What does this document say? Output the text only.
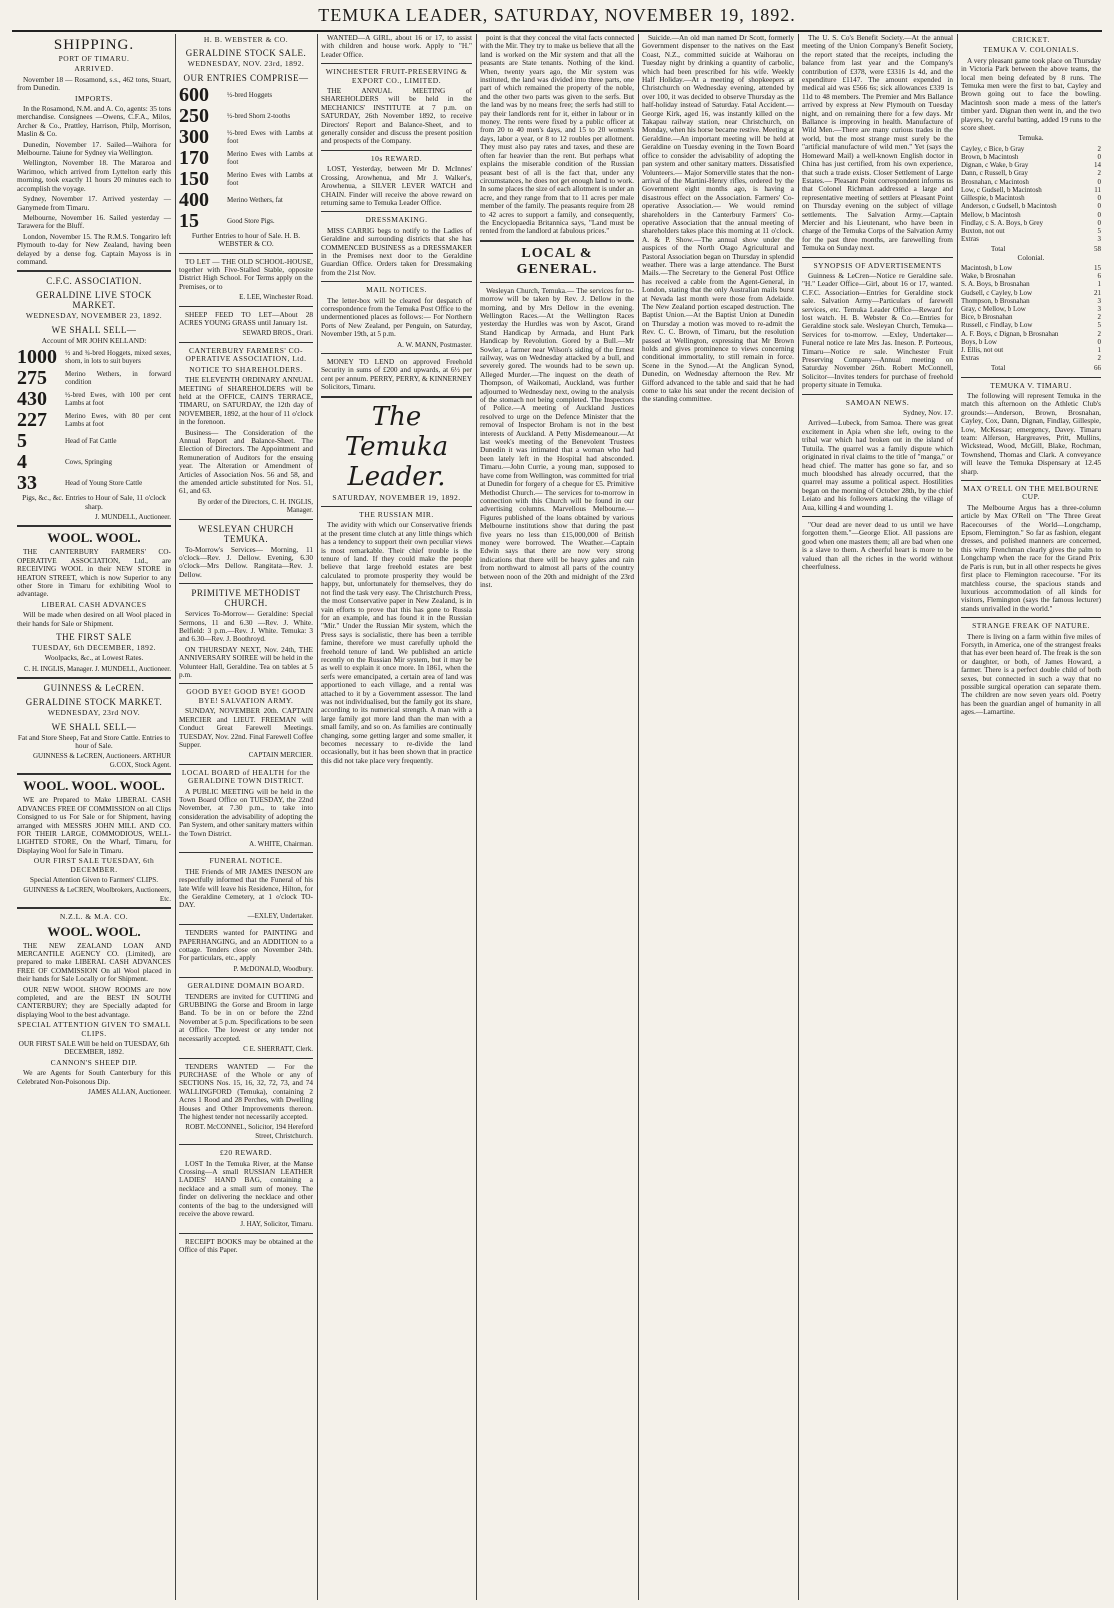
TEMUKA LEADER, SATURDAY, NOVEMBER 19, 1892.
SHIPPING.
PORT OF TIMARU.
ARRIVED.

November 18 — Rosamond, s.s., 462 tons, Stuart, from Dunedin.

IMPORTS.

In the Rosamond, N.M. and A. Co, agents: 35 tons merchandise. Consignees —Owens, C.F.A., Milos, Archer & Co., Prattley, Harrison, Philp, Morrison, Maslin & Co.

Dunedin, November 17. Sailed—Waihora for Melbourne. Taiune for Sydney via Wellington.

Wellington, November 18. The Mararoa and Warimoo, which arrived from Lyttelton early this morning, took exactly 11 hours 20 minutes each to accomplish the voyage.

Sydney, November 17. Arrived yesterday — Ganymede from Timaru.

Melbourne, November 16. Sailed yesterday — Tarawera for the Bluff.

London, November 15. The R.M.S. Tongariro left Plymouth to-day for New Zealand, having been delayed by a dense fog. Captain Mayoss is in command.

C.F.C. ASSOCIATION.
GERALDINE LIVE STOCK MARKET.
WEDNESDAY, NOVEMBER 23, 1892.
WE SHALL SELL—

Account of MR JOHN KELLAND:

1000	½ and ¾-bred Hoggets, mixed sexes, shorn, in lots to suit buyers
275	Merino Wethers, in forward condition
430	½-bred Ewes, with 100 per cent Lambs at foot
227	Merino Ewes, with 80 per cent Lambs at foot
5	Head of Fat Cattle
4	Cows, Springing
33	Head of Young Store Cattle

Pigs, &c., &c. Entries to Hour of Sale, 11 o'clock sharp.

J. MUNDELL, Auctioneer.

WOOL. WOOL.

THE CANTERBURY FARMERS' CO-OPERATIVE ASSOCIATION, Ltd., are RECEIVING WOOL in their NEW STORE in HEATON STREET, which is now Superior to any other Store in Timaru for exhibiting Wool to advantage.

LIBERAL CASH ADVANCES

Will be made when desired on all Wool placed in their hands for Sale or Shipment.

THE FIRST SALE
TUESDAY, 6th DECEMBER, 1892.

Woolpacks, &c., at Lowest Rates.

C. H. INGLIS, Manager. J. MUNDELL, Auctioneer.

GUINNESS & LeCREN.
GERALDINE STOCK MARKET.
WEDNESDAY, 23rd NOV.
WE SHALL SELL—

Fat and Store Sheep, Fat and Store Cattle. Entries to hour of Sale.

GUINNESS & LeCREN, Auctioneers. ARTHUR G.COX, Stock Agent.

WOOL. WOOL. WOOL.

WE are Prepared to Make LIBERAL CASH ADVANCES FREE OF COMMISSION on all Clips Consigned to us For Sale or for Shipment, having arranged with MESSRS JOHN MILL AND CO. FOR THEIR LARGE, COMMODIOUS, WELL-LIGHTED STORE, On the Wharf, Timaru, for Displaying Wool for Sale in Timaru.

OUR FIRST SALE TUESDAY, 6th DECEMBER.

Special Attention Given to Farmers' CLIPS.

GUINNESS & LeCREN, Woolbrokers, Auctioneers, Etc.

N.Z.L. & M.A. CO.
WOOL. WOOL.

THE NEW ZEALAND LOAN AND MERCANTILE AGENCY CO. (Limited), are prepared to make LIBERAL CASH ADVANCES FREE OF COMMISSION On all Wool placed in their hands for Sale Locally or for Shipment.

OUR NEW WOOL SHOW ROOMS are now completed, and are the BEST IN SOUTH CANTERBURY; they are Specially adapted for displaying Wool to the best advantage.

SPECIAL ATTENTION GIVEN TO SMALL CLIPS.

OUR FIRST SALE Will be held on TUESDAY, 6th DECEMBER, 1892.

CANNON'S SHEEP DIP.

We are Agents for South Canterbury for this Celebrated Non-Poisonous Dip.

JAMES ALLAN, Auctioneer.

H. B. WEBSTER & CO.
GERALDINE STOCK SALE.
WEDNESDAY, NOV. 23rd, 1892.
OUR ENTRIES COMPRISE—
600	½-bred Hoggets
250	½-bred Shorn 2-tooths
300	½-bred Ewes with Lambs at foot
170	Merino Ewes with Lambs at foot
150	Merino Ewes with Lambs at foot
400	Merino Wethers, fat
15	Good Store Pigs.

Further Entries to hour of Sale. H. B. WEBSTER & CO.

TO LET — THE OLD SCHOOL-HOUSE, together with Five-Stalled Stable, opposite District High School. For Terms apply on the Premises, or to

E. LEE, Winchester Road.

SHEEP FEED TO LET—About 28 ACRES YOUNG GRASS until January 1st.

SEWARD BROS., Orari.

CANTERBURY FARMERS' CO-OPERATIVE ASSOCIATION, Ltd.
NOTICE TO SHAREHOLDERS.

THE ELEVENTH ORDINARY ANNUAL MEETING of SHAREHOLDERS will be held at the OFFICE, CAIN'S TERRACE, TIMARU, on SATURDAY, the 12th day of NOVEMBER, 1892, at the hour of 11 o'clock in the forenoon.

Business— The Consideration of the Annual Report and Balance-Sheet. The Election of Directors. The Appointment and Remuneration of Auditors for the ensuing year. The Alteration or Amendment of Articles of Association Nos. 56 and 58, and the amended article substituted for Nos. 51, 61, and 63.

By order of the Directors, C. H. INGLIS, Manager.

WESLEYAN CHURCH TEMUKA.

To-Morrow's Services— Morning, 11 o'clock—Rev. J. Dellow. Evening, 6.30 o'clock—Mrs Dellow. Rangitata—Rev. J. Dellow.

PRIMITIVE METHODIST CHURCH.

Services To-Morrow— Geraldine: Special Sermons, 11 and 6.30 —Rev. J. White. Belfield: 3 p.m.—Rev. J. White. Temuka: 3 and 6.30—Rev. J. Boothroyd.

ON THURSDAY NEXT, Nov. 24th, THE ANNIVERSARY SOIREE will be held in the Volunteer Hall, Geraldine. Tea on tables at 5 p.m.

GOOD BYE! GOOD BYE! GOOD BYE! SALVATION ARMY.

SUNDAY, NOVEMBER 20th. CAPTAIN MERCIER and LIEUT. FREEMAN will Conduct Great Farewell Meetings. TUESDAY, Nov. 22nd. Final Farewell Coffee Supper.

CAPTAIN MERCIER.

LOCAL BOARD of HEALTH for the GERALDINE TOWN DISTRICT.

A PUBLIC MEETING will be held in the Town Board Office on TUESDAY, the 22nd November, at 7.30 p.m., to take into consideration the advisability of adopting the Pan System, and other sanitary matters within the Town District.

A. WHITE, Chairman.

FUNERAL NOTICE.

THE Friends of MR JAMES INESON are respectfully informed that the Funeral of his late Wife will leave his Residence, Hilton, for the Geraldine Cemetery, at 1 o'clock TO-DAY.

—EXLEY, Undertaker.

TENDERS wanted for PAINTING and PAPERHANGING, and an ADDITION to a cottage. Tenders close on November 24th. For particulars, etc., apply

P. McDONALD, Woodbury.

GERALDINE DOMAIN BOARD.

TENDERS are invited for CUTTING and GRUBBING the Gorse and Broom in large Band. To be in on or before the 22nd November at 5 p.m. Specifications to be seen at Office. The lowest or any tender not necessarily accepted.

C E. SHERRATT, Clerk.

TENDERS WANTED — For the PURCHASE of the Whole or any of SECTIONS Nos. 15, 16, 32, 72, 73, and 74 WALLINGFORD (Temuka), containing 2 Acres 1 Rood and 28 Perches, with Dwelling Houses and Other Improvements thereon. The highest tender not necessarily accepted.

ROBT. McCONNEL, Solicitor, 194 Hereford Street, Christchurch.

£20 REWARD.

LOST In the Temuka River, at the Manse Crossing—A small RUSSIAN LEATHER LADIES' HAND BAG, containing a necklace and a small sum of money. The finder on delivering the necklace and other contents of the bag to the undersigned will receive the above reward.

J. HAY, Solicitor, Timaru.

RECEIPT BOOKS may be obtained at the Office of this Paper.

WANTED—A GIRL, about 16 or 17, to assist with children and house work. Apply to "H." Leader Office.

WINCHESTER FRUIT-PRESERVING & EXPORT CO., LIMITED.

THE ANNUAL MEETING of SHAREHOLDERS will be held in the MECHANICS' INSTITUTE at 7 p.m. on SATURDAY, 26th November 1892, to receive Directors' Report and Balance-Sheet, and to generally consider and discuss the present position and prospects of the Company.

10s REWARD.

LOST, Yesterday, between Mr D. McInnes' Crossing, Arowhenua, and Mr J. Walker's, Arowhenua, a SILVER LEVER WATCH and CHAIN. Finder will receive the above reward on returning same to Temuka Leader Office.

DRESSMAKING.

MISS CARRIG begs to notify to the Ladies of Geraldine and surrounding districts that she has COMMENCED BUSINESS as a DRESSMAKER in the Premises next door to the Geraldine Guardian Office. Orders taken for Dressmaking from the 21st Nov.

MAIL NOTICES.

The letter-box will be cleared for despatch of correspondence from the Temuka Post Office to the undermentioned places as follows:— For Northern Ports of New Zealand, per Penguin, on Saturday, November 19th, at 5 p.m.

A. W. MANN, Postmaster.

MONEY TO LEND on approved Freehold Security in sums of £200 and upwards, at 6½ per cent per annum. PERRY, PERRY, & KINNERNEY Solicitors, Timaru.

The Temuka Leader.
SATURDAY, NOVEMBER 19, 1892.
THE RUSSIAN MIR.

The avidity with which our Conservative friends at the present time clutch at any little things which has a tendency to support their own peculiar views is most remarkable. Their chief trouble is the tenure of land. If they could make the people believe that large freehold estates are best calculated to promote prosperity they would be happy, but, unfortunately for themselves, they do not find the task very easy. The Christchurch Press, the most Conservative paper in New Zealand, is in vain efforts to prove that this has gone to Russia for an example, and has found it in the Russian "Mir." Under the Russian Mir system, which the Press says is socialistic, there has been a terrible famine, therefore we must carefully uphold the freehold tenure of land. We published an article recently on the Russian Mir system, but it may be as well to explain it once more. In 1861, when the serfs were emancipated, a certain area of land was apportioned to each village, and a rental was attached to it by a Government assessor. The land was not individualised, but the family got its share, according to its numerical strength. A man with a large family got more land than the man with a small family, and so on. As families are continually changing, some getting larger and some smaller, it becomes necessary to re-divide the land occasionally, but it has been shown that in practice this did not take place very frequently.

point is that they conceal the vital facts connected with the Mir. They try to make us believe that all the land is worked on the Mir system and that all the peasants are State tenants. Nothing of the kind. When, twenty years ago, the Mir system was instituted, the land was divided into three parts, one part of which remained the property of the noble, and the other two parts was given to the serfs. But the land was by no means free; the serfs had still to pay their landlords rent for it, either in labour or in money. The rents were fixed by a public officer at from 20 to 40 men's days, and 15 to 20 women's days, labor a year, or 8 to 12 roubles per allotment. They must also pay rates and taxes, and these are often far heavier than the rent. But perhaps what explains the miserable condition of the Russian peasant best of all is the fact that, under any circumstances, he does not get enough land to work. In some places the size of each allotment is under an acre, and they range from that to 11 acres per male member of the family. The peasants require from 28 to 42 acres to support a family, and consequently, the Encyclopaedia Britannica says, "Land must be rented from the landlord at fabulous prices."

LOCAL & GENERAL.

Wesleyan Church, Temuka.— The services for to-morrow will be taken by Rev. J. Dellow in the morning, and by Mrs Dellow in the evening. Wellington Races.—At the Wellington Races yesterday the Hurdles was won by Ascot, Grand Stand Handicap by Armada, and Hunt Park Handicap by Revolution. Gored by a Bull.—Mr Sowler, a farmer near Wilson's siding of the Ernest railway, was on Wednesday attacked by a bull, and severely gored. The wounds had to be sewn up. Alleged Murder.—The inquest on the death of Thompson, of Waikomati, Auckland, was further adjourned to Wednesday next, owing to the analysis of the stomach not being completed. The Inspectors of Police.—A meeting of Auckland Justices resolved to urge on the Defence Minister that the removal of Inspector Broham is not in the best interests of Auckland. A Petty Misdemeanour.—At last week's meeting of the Benevolent Trustees Dunedin it was intimated that a woman who had been lately left in the Hospital had absconded. Timaru.—John Currie, a young man, supposed to have come from Wellington, was committed for trial at Dunedin for forgery of a cheque for £5. Primitive Methodist Church.— The services for to-morrow in connection with this Church will be found in our advertising columns. Marvellous Melbourne.— Figures published of the loans obtained by various Melbourne institutions show that during the past five years no less than £15,000,000 of British money were borrowed. The Weather.—Captain Edwin says that there are now very strong indications that there will be heavy gales and rain from northward to almost all parts of the country between noon of the 20th and midnight of the 23rd inst.

Suicide.—An old man named Dr Scott, formerly Government dispenser to the natives on the East Coast, N.Z., committed suicide at Waihorau on Tuesday night by drinking a quantity of carbolic, which had been prescribed for his wife. Weekly Half Holiday.—At a meeting of shopkeepers at Christchurch on Wednesday evening, attended by over 100, it was decided to observe Thursday as the half-holiday instead of Saturday. Fatal Accident.—George Kirk, aged 16, was instantly killed on the Takapau railway station, near Christchurch, on Monday, when his horse became restive. Meeting at Geraldine.—An important meeting will be held at Geraldine on Tuesday evening in the Town Board office to consider the advisability of adopting the pan system and other sanitary matters. Dissatisfied Volunteers.— Major Somerville states that the non-arrival of the Martini-Henry rifles, ordered by the Government eight months ago, is having a disastrous effect on the Association. Farmers' Co-operative Association.— We would remind shareholders in the Canterbury Farmers' Co-operative Association that the annual meeting of shareholders takes place this morning at 11 o'clock. A. & P. Show.—The annual show under the auspices of the North Otago Agricultural and Pastoral Association began on Thursday in splendid weather. There was a large attendance. The Burst Mails.—The Secretary to the General Post Office has received a cable from the Agent-General, in London, stating that the only Australian mails burst at Nevada last month were those from Adelaide. The New Zealand portion escaped destruction. The Baptist Union.—At the Baptist Union at Dunedin on Thursday a motion was moved to re-admit the Rev. C. C. Brown, of Timaru, but the resolution passed at Wellington, expressing that Mr Brown holds and gives prominence to views concerning conditional immortality, to still remain in force. Scene in the Synod.—At the Anglican Synod, Dunedin, on Wednesday afternoon the Rev. Mr Gifford advanced to the table and said that he had come to take his seat under the recent decision of the standing committee.

The U. S. Co's Benefit Society.—At the annual meeting of the Union Company's Benefit Society, the report stated that the receipts, including the balance from last year and the Company's contribution of £378, were £3316 1s 4d, and the expenditure £1147. The amount expended in medical aid was £566 6s; sick allowances £339 1s 11d to 48 members. The Premier and Mrs Ballance arrived by express at New Plymouth on Tuesday night, and on remaining there for a few days. Mr Ballance is improving in health. Manufacture of Wild Men.—There are many curious trades in the world, but the most strange must surely be the "artificial manufacture of wild men." Yet (says the Homeward Mail) a well-known English doctor in China has just certified, from his own experience, that such a trade exists. Closer Settlement of Large Estates.— Pleasant Point correspondent informs us that Colonel Richman addressed a large and representative meeting of settlers at Pleasant Point on Thursday evening on the subject of village settlements. The Salvation Army.—Captain Mercier and his Lieutenant, who have been in charge of the Temuka Corps of the Salvation Army for the past three months, are farewelling from Temuka on Sunday next.

SYNOPSIS OF ADVERTISEMENTS

Guinness & LeCren—Notice re Geraldine sale. "H." Leader Office—Girl, about 16 or 17, wanted. C.F.C. Association—Entries for Geraldine stock sale. Salvation Army—Particulars of farewell services, etc. Temuka Leader Office—Reward for lost watch. H. B. Webster & Co.—Entries for Geraldine stock sale. Wesleyan Church, Temuka—Services for to-morrow. —Exley, Undertaker—Funeral notice re late Mrs Jas. Ineson. P. Porteous, Timaru—Notice re sale. Winchester Fruit Preserving Company—Annual meeting on Saturday November 26th. Robert McConnell, Solicitor—Invites tenders for purchase of freehold property situate in Temuka.

SAMOAN NEWS.

Sydney, Nov. 17.

Arrived—Lubeck, from Samoa. There was great excitement in Apia when she left, owing to the tribal war which had broken out in the island of Tutuila. The quarrel was a family dispute which originated in rival claims to the title of "manga," or head chief. The matter has gone so far, and so much bloodshed has already occurred, that the quarrel may assume a political aspect. Hostilities began on the morning of October 28th, by the chief Leiato and his followers attacking the village of Aua, killing 4 and wounding 1.

"Our dead are never dead to us until we have forgotten them."—George Eliot. All passions are good when one masters them; all are bad when one is a slave to them. A cheerful heart is more to be valued than all the riches in the world without cheerfulness.

CRICKET.
TEMUKA V. COLONIALS.

A very pleasant game took place on Thursday in Victoria Park between the above teams, the local men being defeated by 8 runs. The Temuka men were the first to bat, Cayley and Brown going out to face the bowling. Macintosh soon made a mess of the latter's timber yard. Dignan then went in, and the two players, by careful batting, added 19 runs to the score sheet.

Temuka.

Cayley, c Bice, b Gray	2
Brown, b Macintosh	0
Dignan, c Wake, b Gray	14
Dann, c Russell, b Gray	2
Brosnahan, c Macintosh	0
Low, c Gudsell, b Macintosh	11
Gillespie, b Macintosh	0
Anderson, c Gudsell, b Macintosh	0
Mellow, b Macintosh	0
Findlay, c S. A. Boys, b Grey	0
Buxton, not out	5
Extras	3
Total	58

Colonial.

Macintosh, b Low	15
Wake, b Brosnahan	6
S. A. Boys, b Brosnahan	1
Gudsell, c Cayley, b Low	21
Thompson, b Brosnahan	3
Gray, c Mellow, b Low	3
Bice, b Brosnahan	2
Russell, c Findlay, b Low	5
A. F. Boys, c Dignan, b Brosnahan	2
Boys, b Low	0
J. Ellis, not out	1
Extras	2
Total	66
TEMUKA V. TIMARU.

The following will represent Temuka in the match this afternoon on the Athletic Club's grounds:—Anderson, Brown, Brosnahan, Cayley, Cox, Dann, Dignan, Findlay, Gillespie, Low, McKessar; emergency, Davey. Timaru team: Alferson, Hargreaves, Pritt, Mullins, Wickstead, Wood, McGill, Blake, Rochman, Townshend, Thomas and Clark. A conveyance will leave the Temuka Dispensary at 12.45 sharp.

MAX O'RELL ON THE MELBOURNE CUP.

The Melbourne Argus has a three-column article by Max O'Rell on "The Three Great Racecourses of the World—Longchamp, Epsom, Flemington." So far as fashion, elegant dresses, and polished manners are concerned, this witty Frenchman clearly gives the palm to Longchamp when the race for the Grand Prix de Paris is run, but in all other respects he gives first place to Flemington racecourse. "For its matchless course, the spacious stands and luxurious accommodation of all kinds for visitors, Flemington (says the famous lecturer) stands unrivalled in the world."

STRANGE FREAK OF NATURE.

There is living on a farm within five miles of Forsyth, in America, one of the strangest freaks that has ever been heard of. The freak is the son or daughter, or both, of James Howard, a farmer. There is a perfect double child of both sexes, but connected in such a way that no possible surgical operation can separate them. The children are now seven years old. Poetry has been the guardian angel of humanity in all ages.—Lamartine.
